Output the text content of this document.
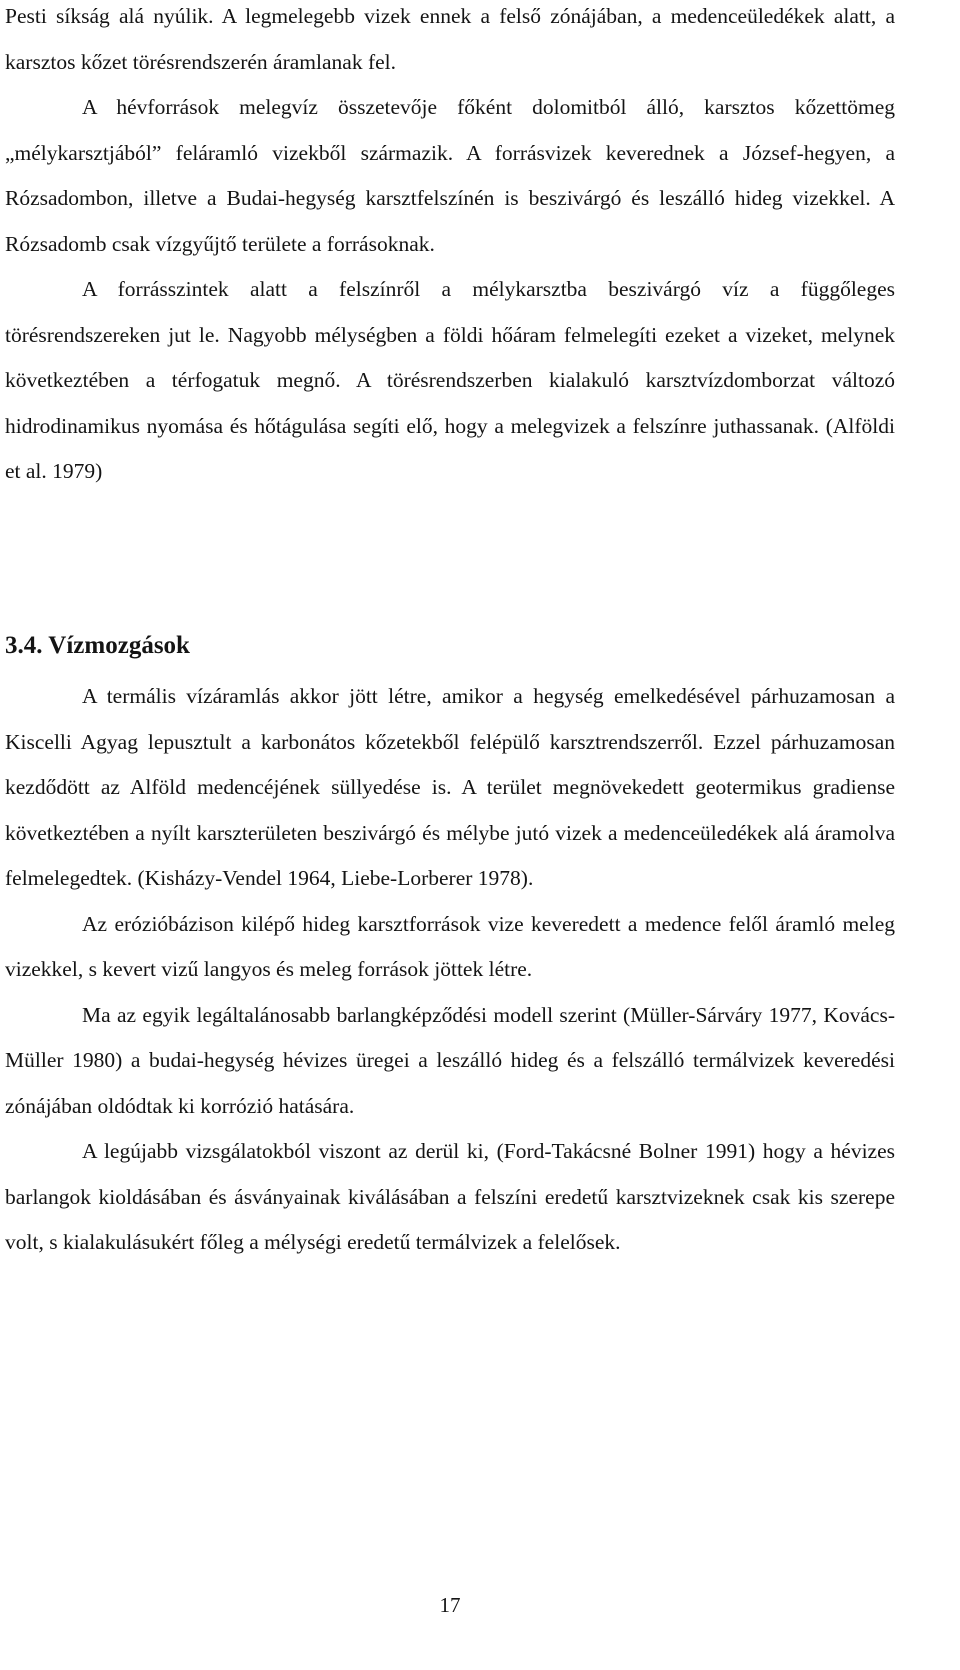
Pesti síkság alá nyúlik. A legmelegebb vizek ennek a felső zónájában, a medenceüledékek alatt, a karsztos kőzet törésrendszerén áramlanak fel.

A hévforrások melegvíz összetevője főként dolomitból álló, karsztos kőzettömeg „mélykarsztjából” feláramló vizekből származik. A forrásvizek keverednek a József-hegyen, a Rózsadombon, illetve a Budai-hegység karsztfelszínén is beszivárgó és leszálló hideg vizekkel. A Rózsadomb csak vízgyűjtő területe a forrásoknak.

A forrásszintek alatt a felszínről a mélykarsztba beszivárgó víz a függőleges törésrendszereken jut le. Nagyobb mélységben a földi hőáram felmelegíti ezeket a vizeket, melynek következtében a térfogatuk megnő. A törésrendszerben kialakuló karsztvízdomborzat változó hidrodinamikus nyomása és hőtágulása segíti elő, hogy a melegvizek a felszínre juthassanak. (Alföldi et al. 1979)

3.4. Vízmozgások

A termális vízáramlás akkor jött létre, amikor a hegység emelkedésével párhuzamosan a Kiscelli Agyag lepusztult a karbonátos kőzetekből felépülő karsztrendszerről. Ezzel párhuzamosan kezdődött az Alföld medencéjének süllyedése is. A terület megnövekedett geotermikus gradiense következtében a nyílt karszterületen beszivárgó és mélybe jutó vizek a medenceüledékek alá áramolva felmelegedtek. (Kisházy-Vendel 1964, Liebe-Lorberer 1978).

Az erózióbázison kilépő hideg karsztforrások vize keveredett a medence felől áramló meleg vizekkel, s kevert vizű langyos és meleg források jöttek létre.

Ma az egyik legáltalánosabb barlangképződési modell szerint (Müller-Sárváry 1977, Kovács-Müller 1980) a budai-hegység hévizes üregei a leszálló hideg és a felszálló termálvizek keveredési zónájában oldódtak ki korrózió hatására.

A legújabb vizsgálatokból viszont az derül ki, (Ford-Takácsné Bolner 1991) hogy a hévizes barlangok kioldásában és ásványainak kiválásában a felszíni eredetű karsztvizeknek csak kis szerepe volt, s kialakulásukért főleg a mélységi eredetű termálvizek a felelősek.

17
